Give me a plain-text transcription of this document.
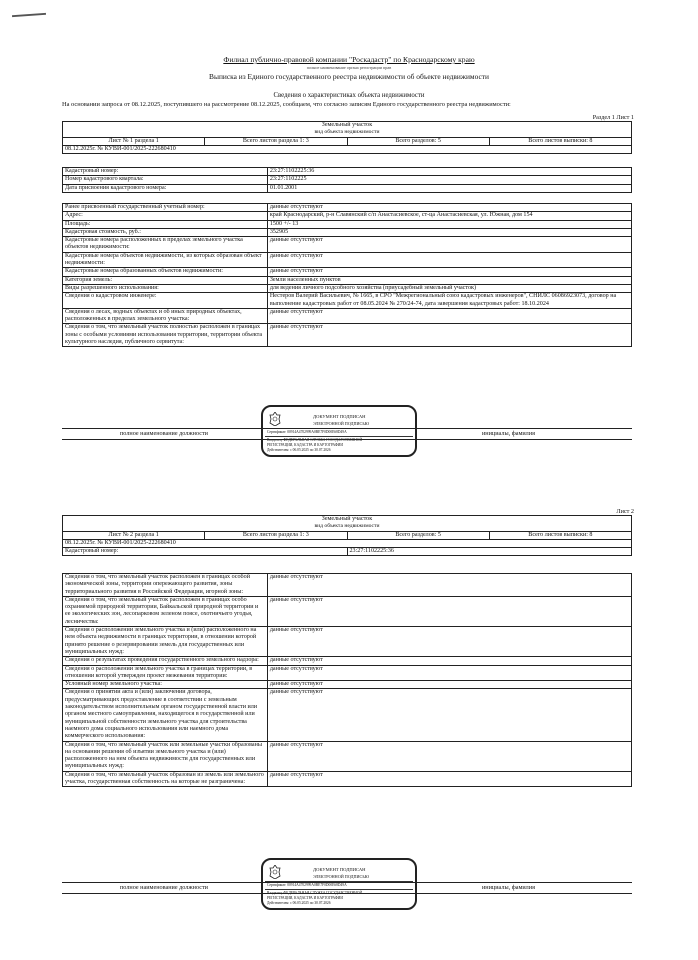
Филиал публично-правовой компании "Роскадастр" по Краснодарскому краю
полное наименование органа регистрации прав
Выписка из Единого государственного реестра недвижимости об объекте недвижимости
Сведения о характеристиках объекта недвижимости
На основании запроса от 08.12.2025, поступившего на рассмотрение 08.12.2025, сообщаем, что согласно записям Единого государственного реестра недвижимости:
Раздел 1 Лист 1
Земельный участок
вид объекта недвижимости
Лист № 1 раздела 1	Всего листов раздела 1: 3	Всего разделов: 5	Всего листов выписки: 8
08.12.2025г. № КУВИ-001/2025-222680410
Кадастровый номер:	23:27:1102225:36
Номер кадастрового квартала:	23:27:1102225
Дата присвоения кадастрового номера:	01.01.2001
Ранее присвоенный государственный учетный номер:	данные отсутствуют
Адрес:	край Краснодарский, р-н Славянский с/п Анастасиевское, ст-ца Анастасиевская, ул. Южная, дом 154
Площадь:	1500 +/- 13
Кадастровая стоимость, руб.:	352905
Кадастровые номера расположенных в пределах земельного участка объектов недвижимости:	данные отсутствуют
Кадастровые номера объектов недвижимости, из которых образован объект недвижимости:	данные отсутствуют
Кадастровые номера образованных объектов недвижимости:	данные отсутствуют
Категория земель:	Земли населенных пунктов
Виды разрешенного использования:	для ведения личного подсобного хозяйства (приусадебный земельный участок)
Сведения о кадастровом инженере:	Нестеров Валерий Васильевич, № 1665, в СРО "Межрегиональный союз кадастровых инженеров", СНИЛС 06086923073, договор на выполнение кадастровых работ от 08.05.2024 № 270/24-74, дата завершения кадастровых работ: 18.10.2024
Сведения о лесах, водных объектах и об иных природных объектах, расположенных в пределах земельного участка:	данные отсутствуют
Сведения о том, что земельный участок полностью расположен в границах зоны с особыми условиями использования территории, территории объекта культурного наследия, публичного сервитута:	данные отсутствуют
ДОКУМЕНТ ПОДПИСАН
ЭЛЕКТРОННОЙ ПОДПИСЬЮ
Сертификат: 00914A4702999A0BE7F0D00E68D49A
Владелец: ФЕДЕРАЛЬНАЯ СЛУЖБА ГОСУДАРСТВЕННОЙ
РЕГИСТРАЦИИ, КАДАСТРА И КАРТОГРАФИИ
Действителен: с 06.05.2025 по 30.07.2026
полное наименование должности	инициалы, фамилия
Лист 2
Земельный участок			
вид объекта недвижимости			
Лист № 2 раздела 1	Всего листов раздела 1: 3	Всего разделов: 5	Всего листов выписки: 8
08.12.2025г. № КУВИ-001/2025-222680410			
Кадастровый номер:		23:27:1102225:36	
Сведения о том, что земельный участок расположен в границах особой экономической зоны, территории опережающего развития, зоны территориального развития в Российской Федерации, игорной зоны:	данные отсутствуют
Сведения о том, что земельный участок расположен в границах особо охраняемой природной территории, Байкальской природной территории и ее экологических зон, лесопарковом зеленом поясе, охотничьего угодья, лесничества:	данные отсутствуют
Сведения о расположении земельного участка и (или) расположенного на нем объекта недвижимости в границах территории, в отношении которой принято решение о резервировании земель для государственных или муниципальных нужд:	данные отсутствуют
Сведения о результатах проведения государственного земельного надзора:	данные отсутствуют
Сведения о расположении земельного участка в границах территории, в отношении которой утвержден проект межевания территории:	данные отсутствуют
Условный номер земельного участка:	данные отсутствуют
Сведения о принятии акта и (или) заключении договора, предусматривающих предоставление в соответствии с земельным законодательством исполнительным органом государственной власти или органом местного самоуправления, находящегося в государственной или муниципальной собственности земельного участка для строительства наемного дома социального использования или наемного дома коммерческого использования:	данные отсутствуют
Сведения о том, что земельный участок или земельные участки образованы на основании решения об изъятии земельного участка и (или) расположенного на нем объекта недвижимости для государственных или муниципальных нужд:	данные отсутствуют
Сведения о том, что земельный участок образован из земель или земельного участка, государственная собственность на которые не разграничена:	данные отсутствуют
ДОКУМЕНТ ПОДПИСАН
ЭЛЕКТРОННОЙ ПОДПИСЬЮ
Сертификат: 00914A4702999A0BE7F0D00E68D49A
Владелец: ФЕДЕРАЛЬНАЯ СЛУЖБА ГОСУДАРСТВЕННОЙ
РЕГИСТРАЦИИ, КАДАСТРА И КАРТОГРАФИИ
Действителен: с 06.05.2025 по 30.07.2026
полное наименование должности	инициалы, фамилия
